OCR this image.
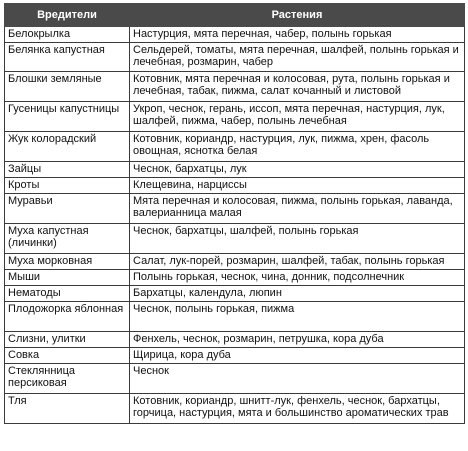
Вредители	Растения
Белокрылка	Настурция, мята перечная, чабер, полынь горькая
Белянка капустная	Сельдерей, томаты, мята перечная, шалфей, полынь горькая и лечебная, розмарин, чабер
Блошки земляные	Котовник, мята перечная и колосовая, рута, полынь горькая и лечебная, табак, пижма, салат кочанный и листовой
Гусеницы капустницы	Укроп, чеснок, герань, иссоп, мята перечная, настурция, лук, шалфей, пижма, чабер, полынь лечебная
Жук колорадский	Котовник, кориандр, настурция, лук, пижма, хрен, фасоль овощная, яснотка белая
Зайцы	Чеснок, бархатцы, лук
Кроты	Клещевина, нарциссы
Муравьи	Мята перечная и колосовая, пижма, полынь горькая, лаванда, валерианница малая
Муха капустная (личинки)	Чеснок, бархатцы, шалфей, полынь горькая
Муха морковная	Салат, лук-порей, розмарин, шалфей, табак, полынь горькая
Мыши	Полынь горькая, чеснок, чина, донник, подсолнечник
Нематоды	Бархатцы, календула, люпин
Плодожорка яблонная	Чеснок, полынь горькая, пижма
Слизни, улитки	Фенхель, чеснок, розмарин, петрушка, кора дуба
Совка	Щирица, кора дуба
Стеклянница персиковая	Чеснок
Тля	Котовник, кориандр, шнитт-лук, фенхель, чеснок, бархатцы, горчица, настурция, мята и большинство ароматических трав
